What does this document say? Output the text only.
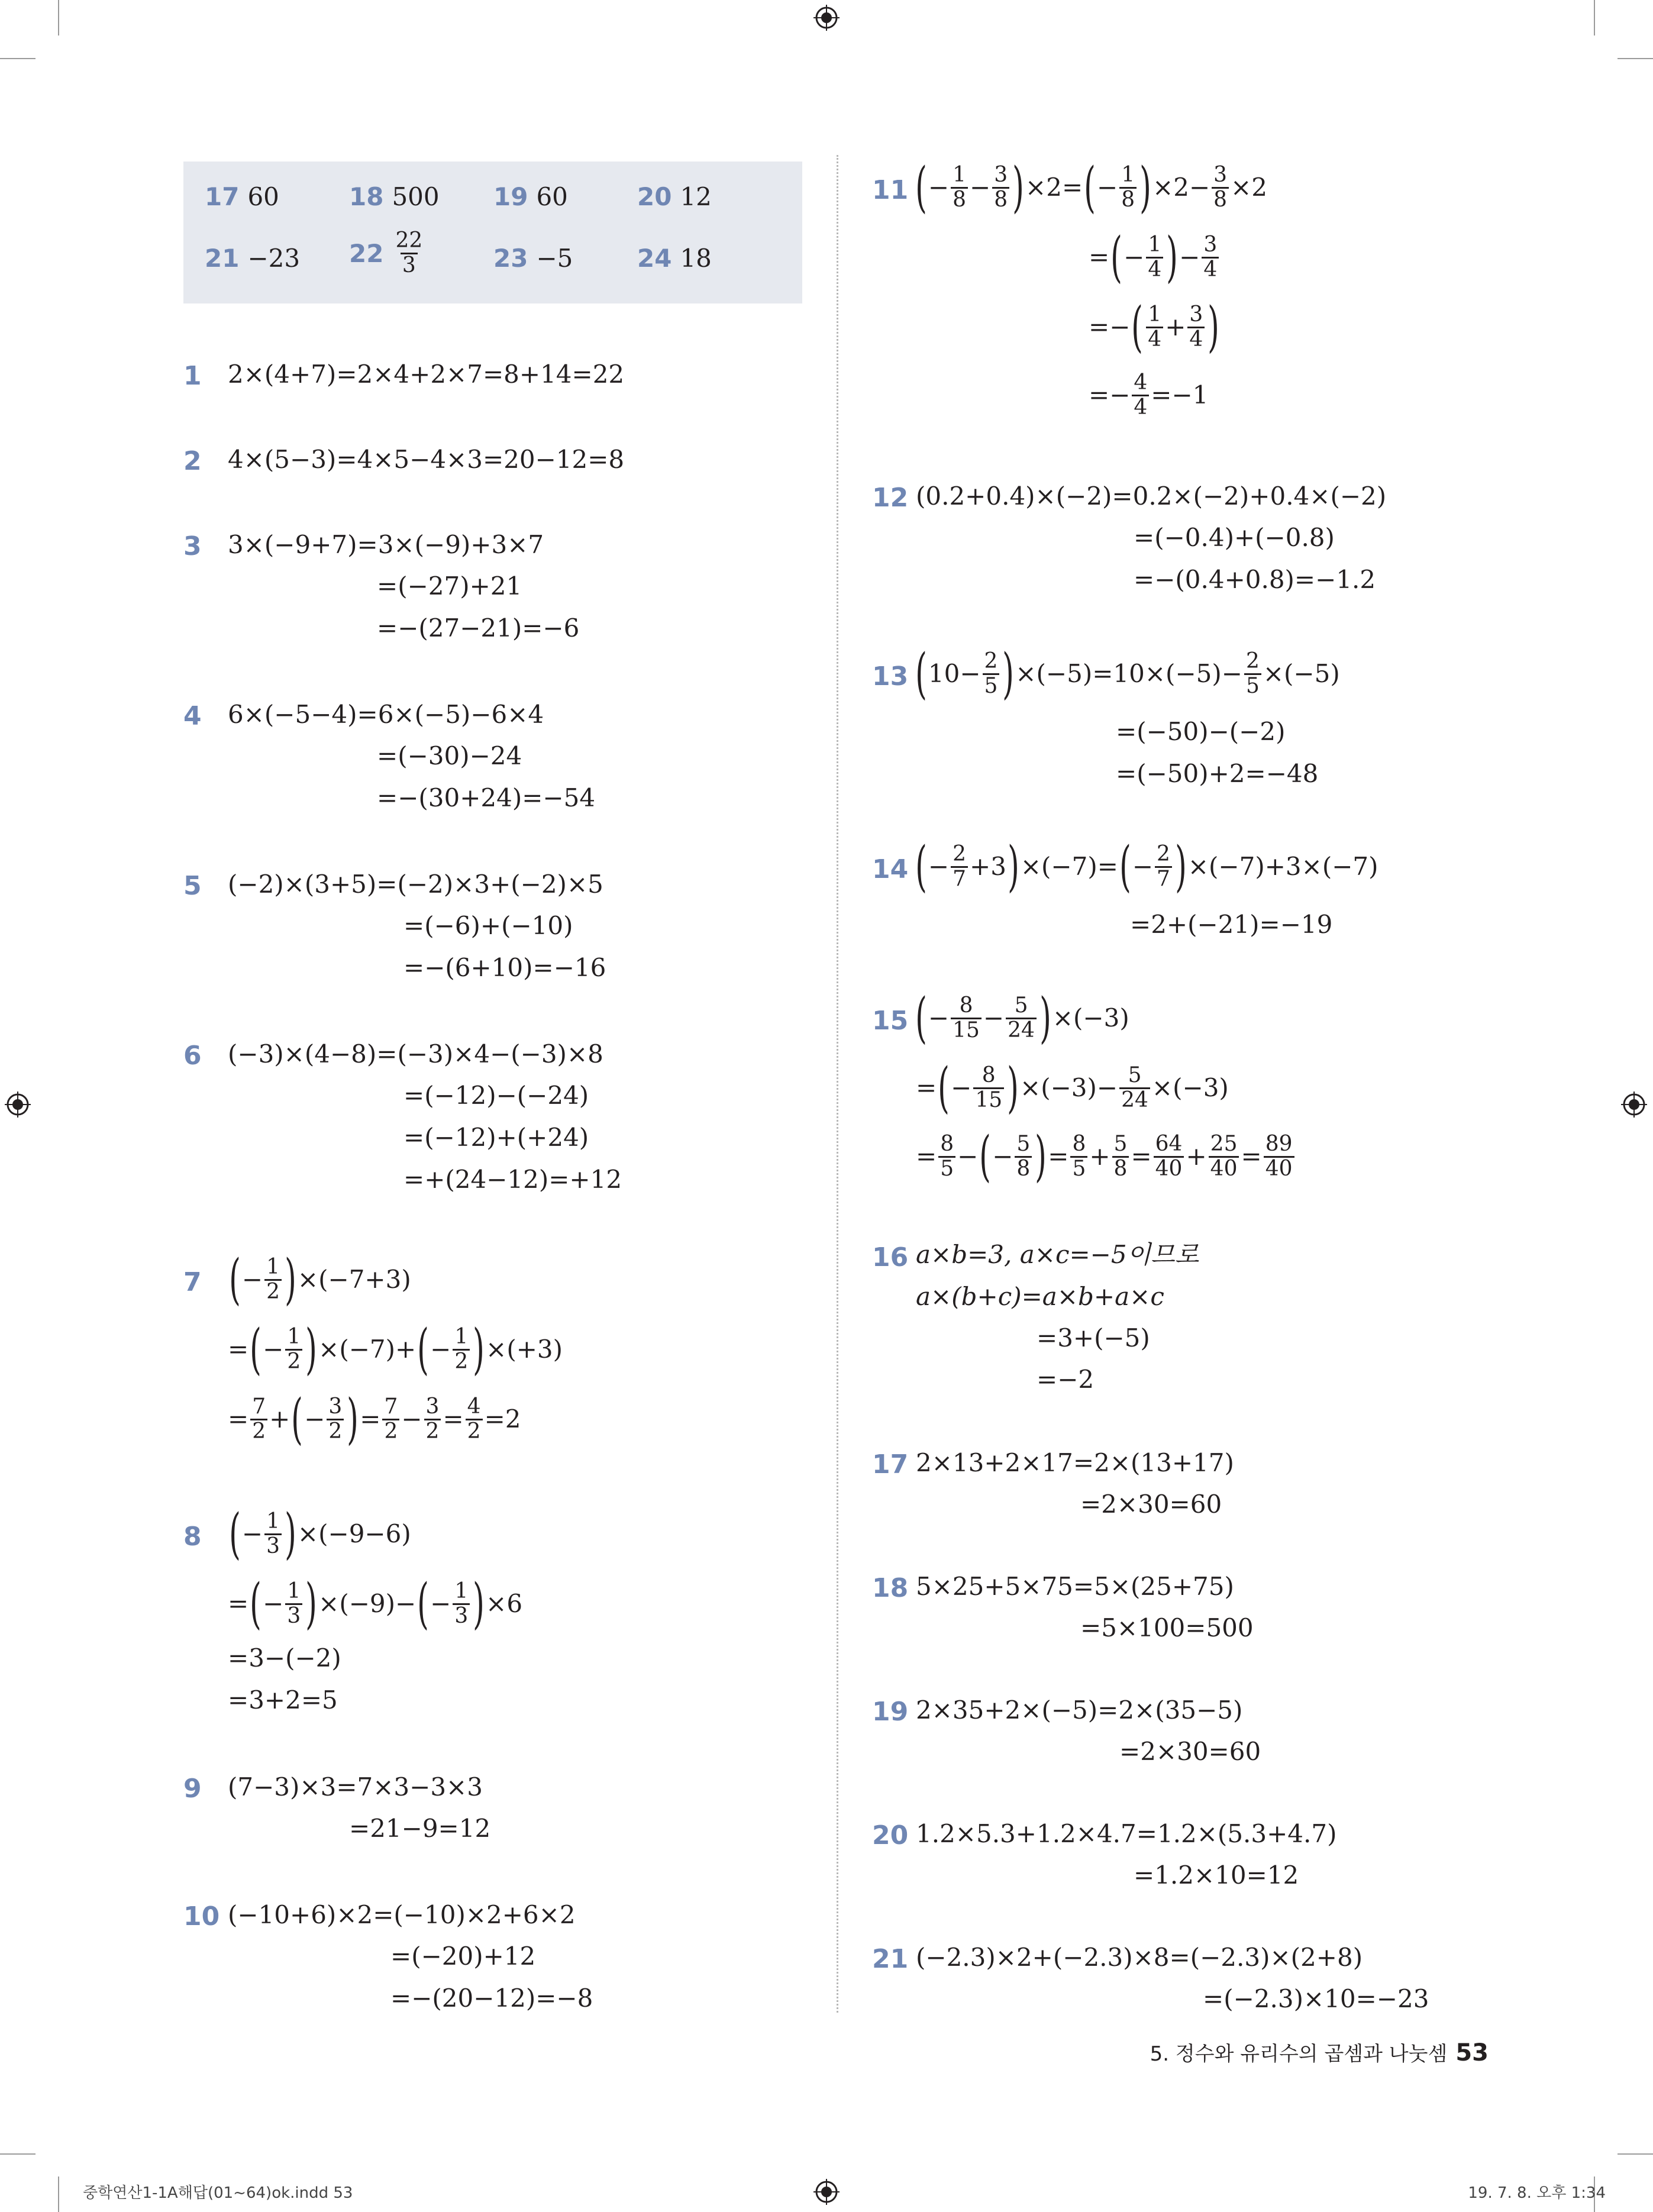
17 60	18 500 19 60	20 12
21 −23 $22 \frac{22}{3}$	23 −5	24 18
1 2×(4+7)=2×4+2×7=8+14=22
2 4×(5−3)=4×5−4×3=20−12=8
3 3×(−9+7)=3×(−9)+3×7
=(−27)+21
=−(27−21)=−6
4 6×(−5−4)=6×(−5)−6×4
=(−30)−24
=−(30+24)=−54
5 (−2)×(3+5)=(−2)×3+(−2)×5
=(−6)+(−10)
=−(6+10)=−16
6 (−3)×(4−8)=(−3)×4−(−3)×8
=(−12)−(−24)
=(−12)+(+24)
=+(24−12)=+12
7 ( − $\frac{1}{2}$ ) ×(−7+3)
= ( − $\frac{1}{2}$ ) ×(−7)+ ( − $\frac{1}{2}$ ) ×(+3)
= $\frac{7}{2}$ + ( − $\frac{3}{2}$ ) = $\frac{7}{2} - \frac{3}{2} = \frac{4}{2} =2$
8 ( − $\frac{1}{3}$ ) ×(−9−6)
= ( − $\frac{1}{3}$ ) ×(−9)− ( − $\frac{1}{3}$ ) ×6
=3−(−2)
=3+2=5
9 (7−3)×3=7×3−3×3
=21−9=12
10 (−10+6)×2=(−10)×2+6×2
=(−20)+12
=−(20−12)=−8
11 ( − $\frac{1}{8} - \frac{3}{8}$ ) ×2= ( − $\frac{1}{8}$ ) $\times 2- \frac{3}{8} \times 2$
= ( − $\frac{1}{4}$ ) − $\frac{3}{4}$
=− ( $\frac{1}{4} + \frac{3}{4}$ )
=− $\frac{4}{4} =-1$
12 (0.2+0.4)×(−2)=0.2×(−2)+0.4×(−2)
=(−0.4)+(−0.8)
=−(0.4+0.8)=−1.2
13 ( $10- \frac{2}{5}$ ) $\times(-5)=10\times(-5)- \frac{2}{5} \times(-5)$
=(−50)−(−2)
=(−50)+2=−48
14 ( − $\frac{2}{7} +3$ ) ×(−7)= ( − $\frac{2}{7}$ ) ×(−7)+3×(−7)
=2+(−21)=−19
15 ( − $\frac{8}{15} - \frac{5}{24}$ ) ×(−3)
= ( − $\frac{8}{15}$ ) $\times(-3)- \frac{5}{24} \times(-3)$
= $\frac{8}{5}$ − ( − $\frac{5}{8}$ ) = $\frac{8}{5} + \frac{5}{8} = \frac{64}{40} + \frac{25}{40} = \frac{89}{40}$
16 a×b=3, a×c=−5이므로
a×(b+c)=a×b+a×c
=3+(−5)
=−2
17 2×13+2×17=2×(13+17)
=2×30=60
18 5×25+5×75=5×(25+75)
=5×100=500
19 2×35+2×(−5)=2×(35−5)
=2×30=60
20 1.2×5.3+1.2×4.7=1.2×(5.3+4.7)
=1.2×10=12
21 (−2.3)×2+(−2.3)×8=(−2.3)×(2+8)
=(−2.3)×10=−23
5. 정수와 유리수의 곱셈과 나눗셈 53
중학연산1-1A해답(01~64)ok.indd 53	19. 7. 8. 오후 1:34
